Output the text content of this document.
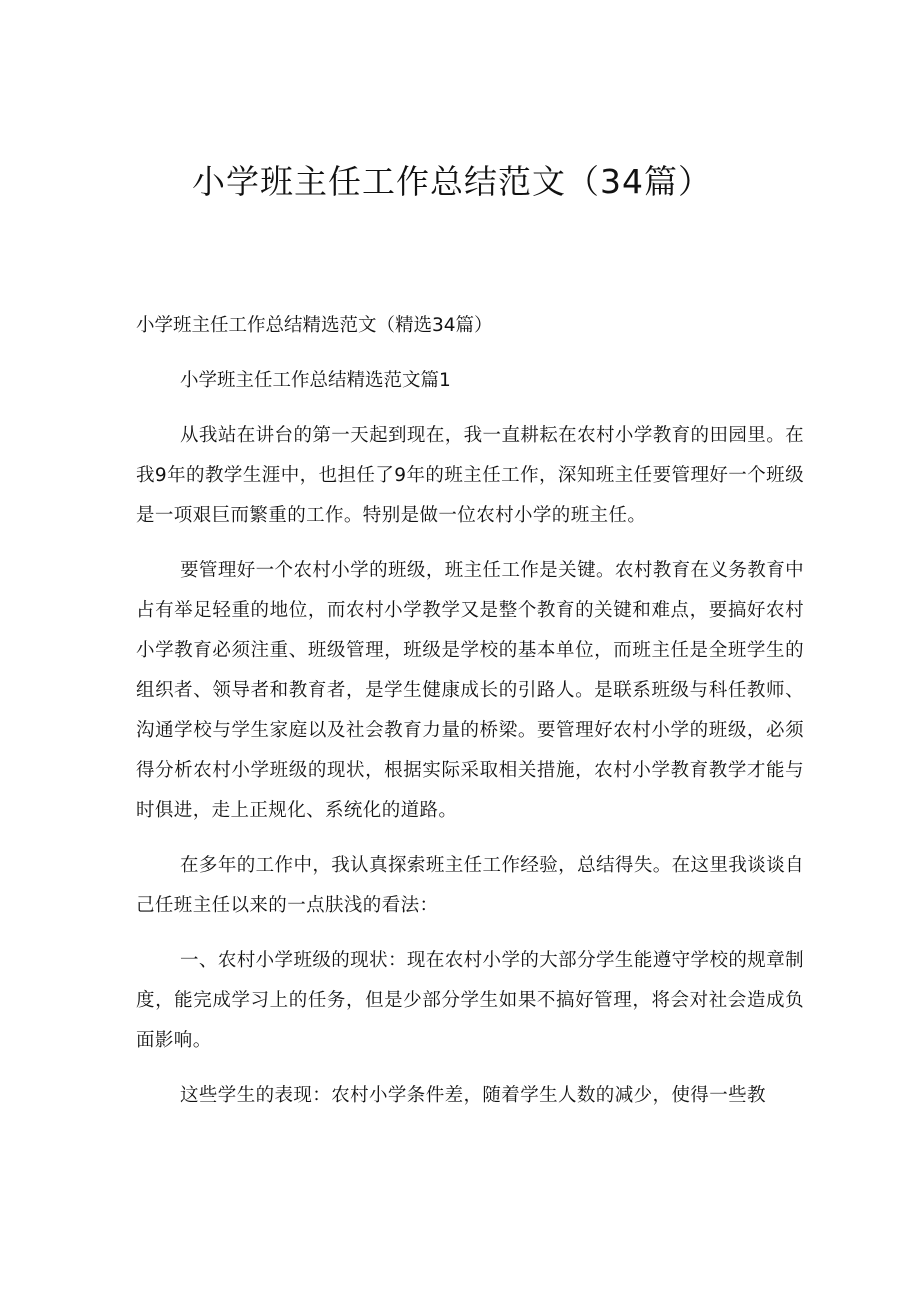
小学班主任工作总结范文（34篇）

小学班主任工作总结精选范文（精选34篇）

小学班主任工作总结精选范文篇1

从我站在讲台的第一天起到现在，我一直耕耘在农村小学教育的田园里。在我9年的教学生涯中，也担任了9年的班主任工作，深知班主任要管理好一个班级是一项艰巨而繁重的工作。特别是做一位农村小学的班主任。

要管理好一个农村小学的班级，班主任工作是关键。农村教育在义务教育中占有举足轻重的地位，而农村小学教学又是整个教育的关键和难点，要搞好农村小学教育必须注重、班级管理，班级是学校的基本单位，而班主任是全班学生的组织者、领导者和教育者，是学生健康成长的引路人。是联系班级与科任教师、沟通学校与学生家庭以及社会教育力量的桥梁。要管理好农村小学的班级，必须得分析农村小学班级的现状，根据实际采取相关措施，农村小学教育教学才能与时俱进，走上正规化、系统化的道路。

在多年的工作中，我认真探索班主任工作经验，总结得失。在这里我谈谈自己任班主任以来的一点肤浅的看法：

一、农村小学班级的现状：现在农村小学的大部分学生能遵守学校的规章制度，能完成学习上的任务，但是少部分学生如果不搞好管理，将会对社会造成负面影响。

这些学生的表现：农村小学条件差，随着学生人数的减少，使得一些教
